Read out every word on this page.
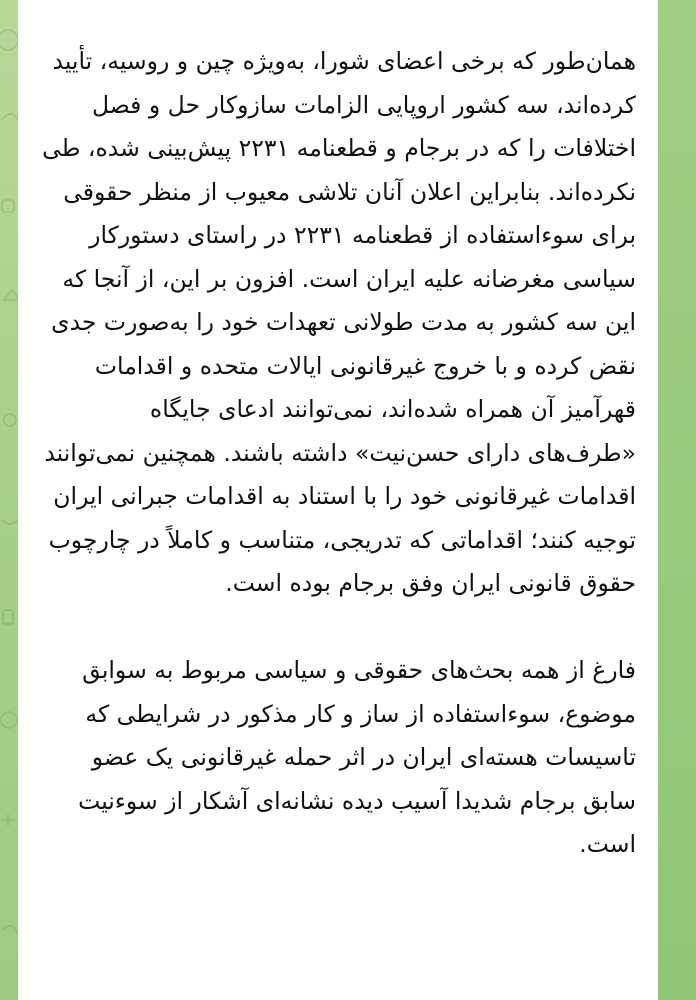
همان‌طور که برخی اعضای شورا، به‌ویژه چین و روسیه، تأیید کرده‌اند، سه کشور اروپایی الزامات سازوکار حل و فصل اختلافات را که در برجام و قطعنامه ۲۲۳۱ پیش‌بینی شده، طی نکرده‌اند. بنابراین اعلان آنان تلاشی معیوب از منظر حقوقی برای سوءاستفاده از قطعنامه ۲۲۳۱ در راستای دستورکار سیاسی مغرضانه علیه ایران است. افزون بر این، از آنجا که این سه کشور به مدت طولانی تعهدات خود را به‌صورت جدی نقض کرده و با خروج غیرقانونی ایالات متحده و اقدامات قهرآمیز آن همراه شده‌اند، نمی‌توانند ادعای جایگاه «طرف‌های دارای حسن‌نیت» داشته باشند. همچنین نمی‌توانند اقدامات غیرقانونی خود را با استناد به اقدامات جبرانی ایران توجیه کنند؛ اقداماتی که تدریجی، متناسب و کاملاً در چارچوب حقوق قانونی ایران وفق برجام بوده است.

فارغ از همه بحث‌های حقوقی و سیاسی مربوط به سوابق موضوع، سوءاستفاده از ساز و کار مذکور در شرایطی که تاسیسات هسته‌ای ایران در اثر حمله غیرقانونی یک عضو سابق برجام شدیدا آسیب دیده نشانه‌ای آشکار از سوءنیت است.
